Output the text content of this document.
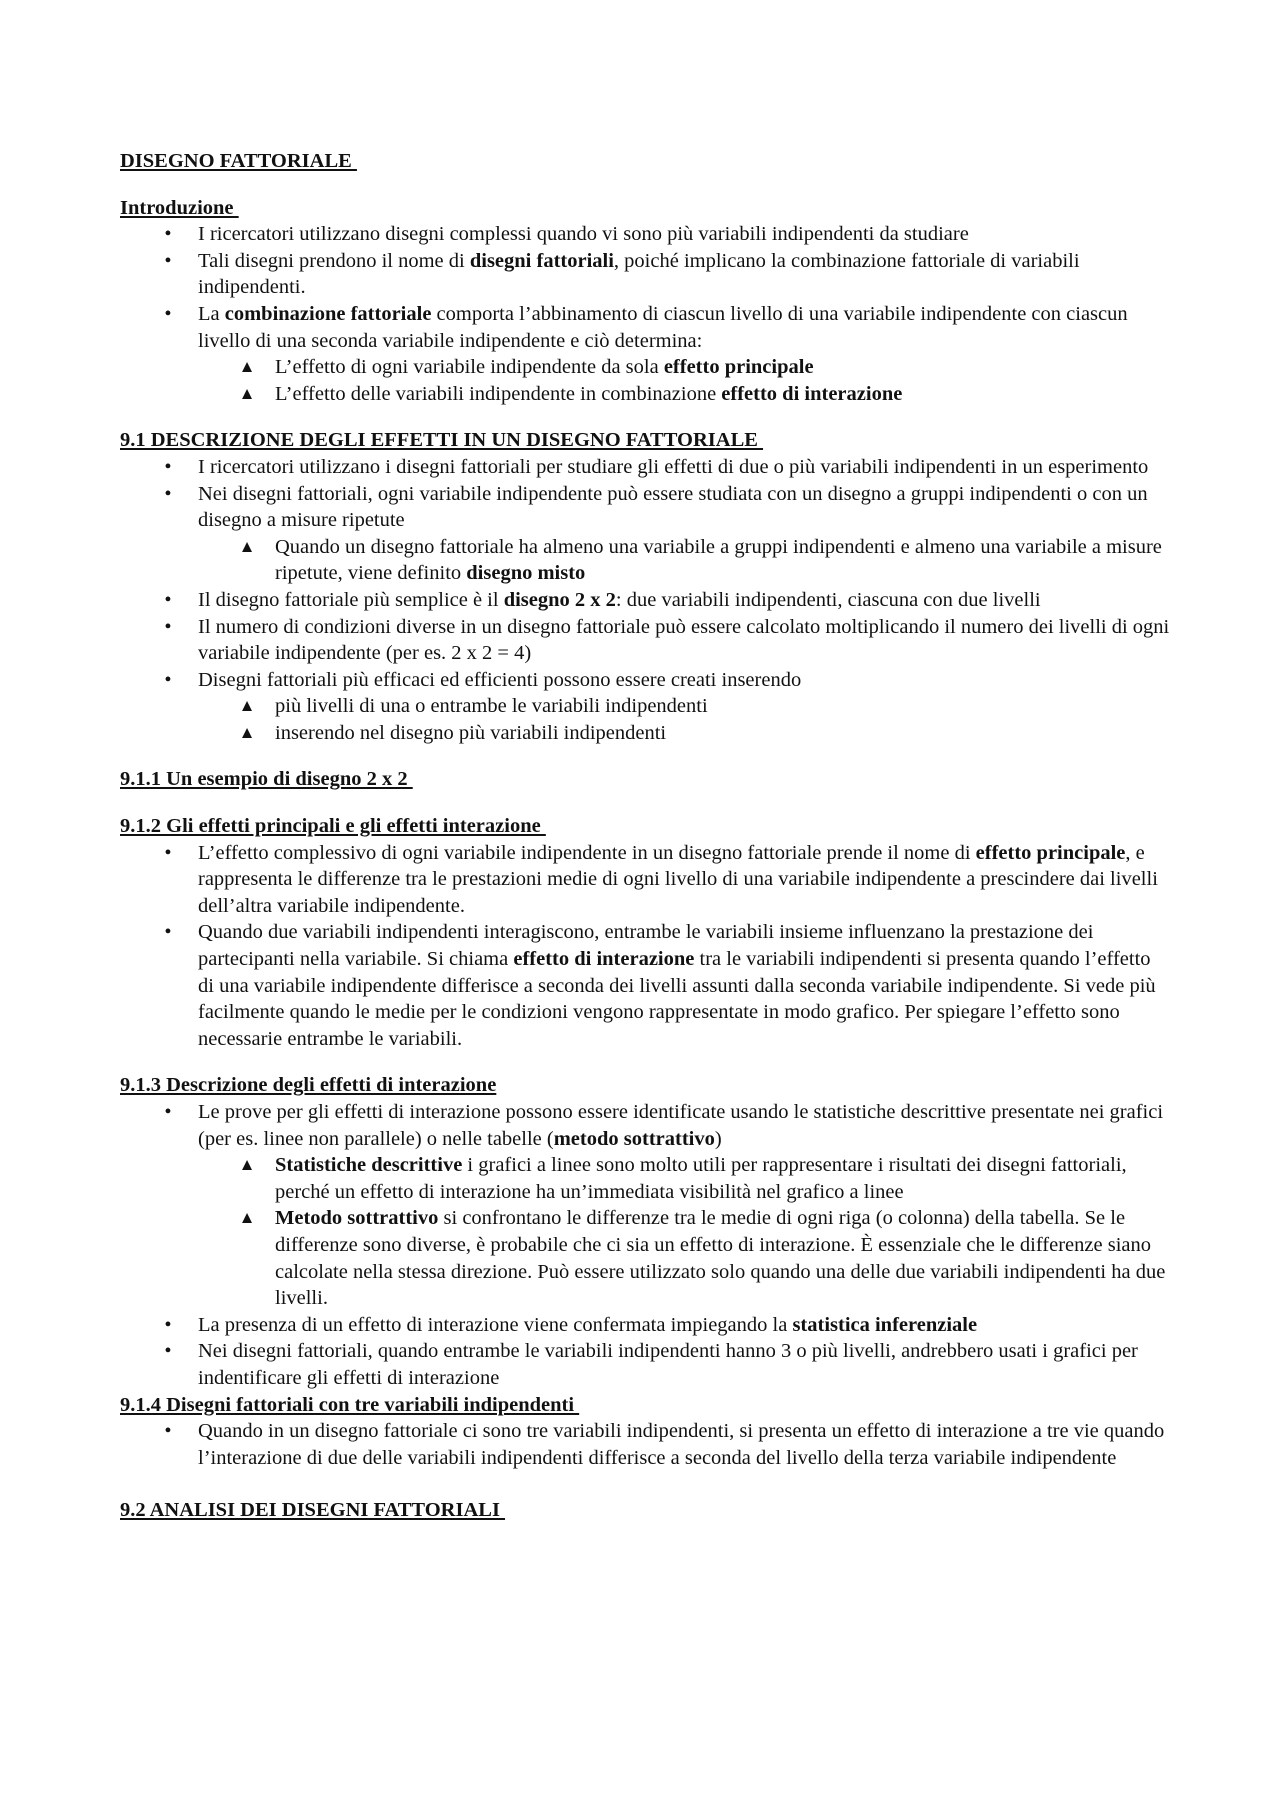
DISEGNO FATTORIALE

Introduzione

• I ricercatori utilizzano disegni complessi quando vi sono più variabili indipendenti da studiare
• Tali disegni prendono il nome di disegni fattoriali, poiché implicano la combinazione fattoriale di variabili indipendenti.
• La combinazione fattoriale comporta l’abbinamento di ciascun livello di una variabile indipendente con ciascun livello di una seconda variabile indipendente e ciò determina:
▲ L’effetto di ogni variabile indipendente da sola effetto principale
▲ L’effetto delle variabili indipendente in combinazione effetto di interazione

9.1 DESCRIZIONE DEGLI EFFETTI IN UN DISEGNO FATTORIALE

• I ricercatori utilizzano i disegni fattoriali per studiare gli effetti di due o più variabili indipendenti in un esperimento
• Nei disegni fattoriali, ogni variabile indipendente può essere studiata con un disegno a gruppi indipendenti o con un disegno a misure ripetute
▲ Quando un disegno fattoriale ha almeno una variabile a gruppi indipendenti e almeno una variabile a misure ripetute, viene definito disegno misto
• Il disegno fattoriale più semplice è il disegno 2 x 2: due variabili indipendenti, ciascuna con due livelli
• Il numero di condizioni diverse in un disegno fattoriale può essere calcolato moltiplicando il numero dei livelli di ogni variabile indipendente (per es. 2 x 2 = 4)
• Disegni fattoriali più efficaci ed efficienti possono essere creati inserendo
▲ più livelli di una o entrambe le variabili indipendenti
▲ inserendo nel disegno più variabili indipendenti

9.1.1 Un esempio di disegno 2 x 2

9.1.2 Gli effetti principali e gli effetti interazione

• L’effetto complessivo di ogni variabile indipendente in un disegno fattoriale prende il nome di effetto principale, e rappresenta le differenze tra le prestazioni medie di ogni livello di una variabile indipendente a prescindere dai livelli dell’altra variabile indipendente.
• Quando due variabili indipendenti interagiscono, entrambe le variabili insieme influenzano la prestazione dei partecipanti nella variabile. Si chiama effetto di interazione tra le variabili indipendenti si presenta quando l’effetto di una variabile indipendente differisce a seconda dei livelli assunti dalla seconda variabile indipendente. Si vede più facilmente quando le medie per le condizioni vengono rappresentate in modo grafico. Per spiegare l’effetto sono necessarie entrambe le variabili.

9.1.3 Descrizione degli effetti di interazione

• Le prove per gli effetti di interazione possono essere identificate usando le statistiche descrittive presentate nei grafici (per es. linee non parallele) o nelle tabelle (metodo sottrattivo)
▲ Statistiche descrittive i grafici a linee sono molto utili per rappresentare i risultati dei disegni fattoriali, perché un effetto di interazione ha un’immediata visibilità nel grafico a linee
▲ Metodo sottrattivo si confrontano le differenze tra le medie di ogni riga (o colonna) della tabella. Se le differenze sono diverse, è probabile che ci sia un effetto di interazione. È essenziale che le differenze siano calcolate nella stessa direzione. Può essere utilizzato solo quando una delle due variabili indipendenti ha due livelli.
• La presenza di un effetto di interazione viene confermata impiegando la statistica inferenziale
• Nei disegni fattoriali, quando entrambe le variabili indipendenti hanno 3 o più livelli, andrebbero usati i grafici per indentificare gli effetti di interazione

9.1.4 Disegni fattoriali con tre variabili indipendenti

• Quando in un disegno fattoriale ci sono tre variabili indipendenti, si presenta un effetto di interazione a tre vie quando l’interazione di due delle variabili indipendenti differisce a seconda del livello della terza variabile indipendente

9.2 ANALISI DEI DISEGNI FATTORIALI
